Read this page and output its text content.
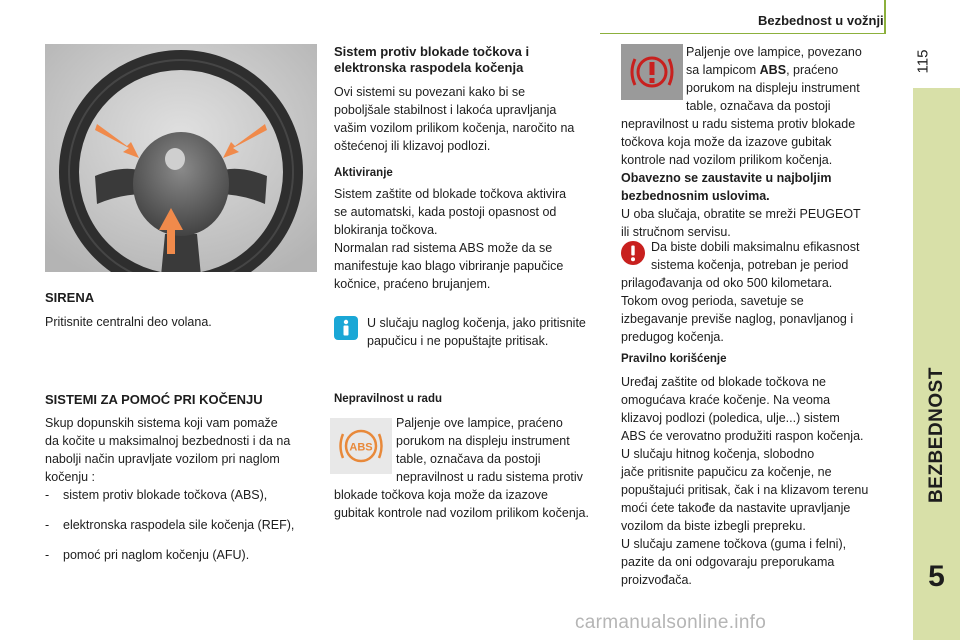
Bezbednost u vožnji
115
BEZBEDNOST
5
SIRENA

Pritisnite centralni deo volana.

SISTEMI ZA POMOĆ PRI KOČENJU

Skup dopunskih sistema koji vam pomaže

da kočite u maksimalnoj bezbednosti i da na

nabolji način upravljate vozilom pri naglom

kočenju :

- sistem protiv blokade točkova (ABS),
- elektronska raspodela sile kočenja (REF),
- pomoć pri naglom kočenju (AFU).
Sistem protiv blokade točkova i
elektronska raspodela kočenja

Ovi sistemi su povezani kako bi se

poboljšale stabilnost i lakoća upravljanja

vašim vozilom prilikom kočenja, naročito na

oštećenoj ili klizavoj podlozi.

Aktiviranje

Sistem zaštite od blokade točkova aktivira

se automatski, kada postoji opasnost od

blokiranja točkova.

Normalan rad sistema ABS može da se

manifestuje kao blago vibriranje papučice

kočnice, praćeno brujanjem.

U slučaju naglog kočenja, jako pritisnite

papučicu i ne popuštajte pritisak.

Nepravilnost u radu
ABS

Paljenje ove lampice, praćeno

porukom na displeju instrument

table, označava da postoji

nepravilnost u radu sistema protiv

blokade točkova koja može da izazove

gubitak kontrole nad vozilom prilikom kočenja.

Paljenje ove lampice, povezano

sa lampicom ABS, praćeno

porukom na displeju instrument

table, označava da postoji

nepravilnost u radu sistema protiv blokade

točkova koja može da izazove gubitak

kontrole nad vozilom prilikom kočenja.

Obavezno se zaustavite u najboljim

bezbednosnim uslovima.

U oba slučaja, obratite se mreži PEUGEOT

ili stručnom servisu.

Da biste dobili maksimalnu efikasnost

sistema kočenja, potreban je period

prilagođavanja od oko 500 kilometara.

Tokom ovog perioda, savetuje se

izbegavanje previše naglog, ponavljanog i

predugog kočenja.

Pravilno korišćenje

Uređaj zaštite od blokade točkova ne

omogućava kraće kočenje. Na veoma

klizavoj podlozi (poledica, ulje...) sistem

ABS će verovatno produžiti raspon kočenja.

U slučaju hitnog kočenja, slobodno

jače pritisnite papučicu za kočenje, ne

popuštajući pritisak, čak i na klizavom terenu

moći ćete takođe da nastavite upravljanje

vozilom da biste izbegli prepreku.

U slučaju zamene točkova (guma i felni),

pazite da oni odgovaraju preporukama

proizvođača.

carmanualsonline.info
